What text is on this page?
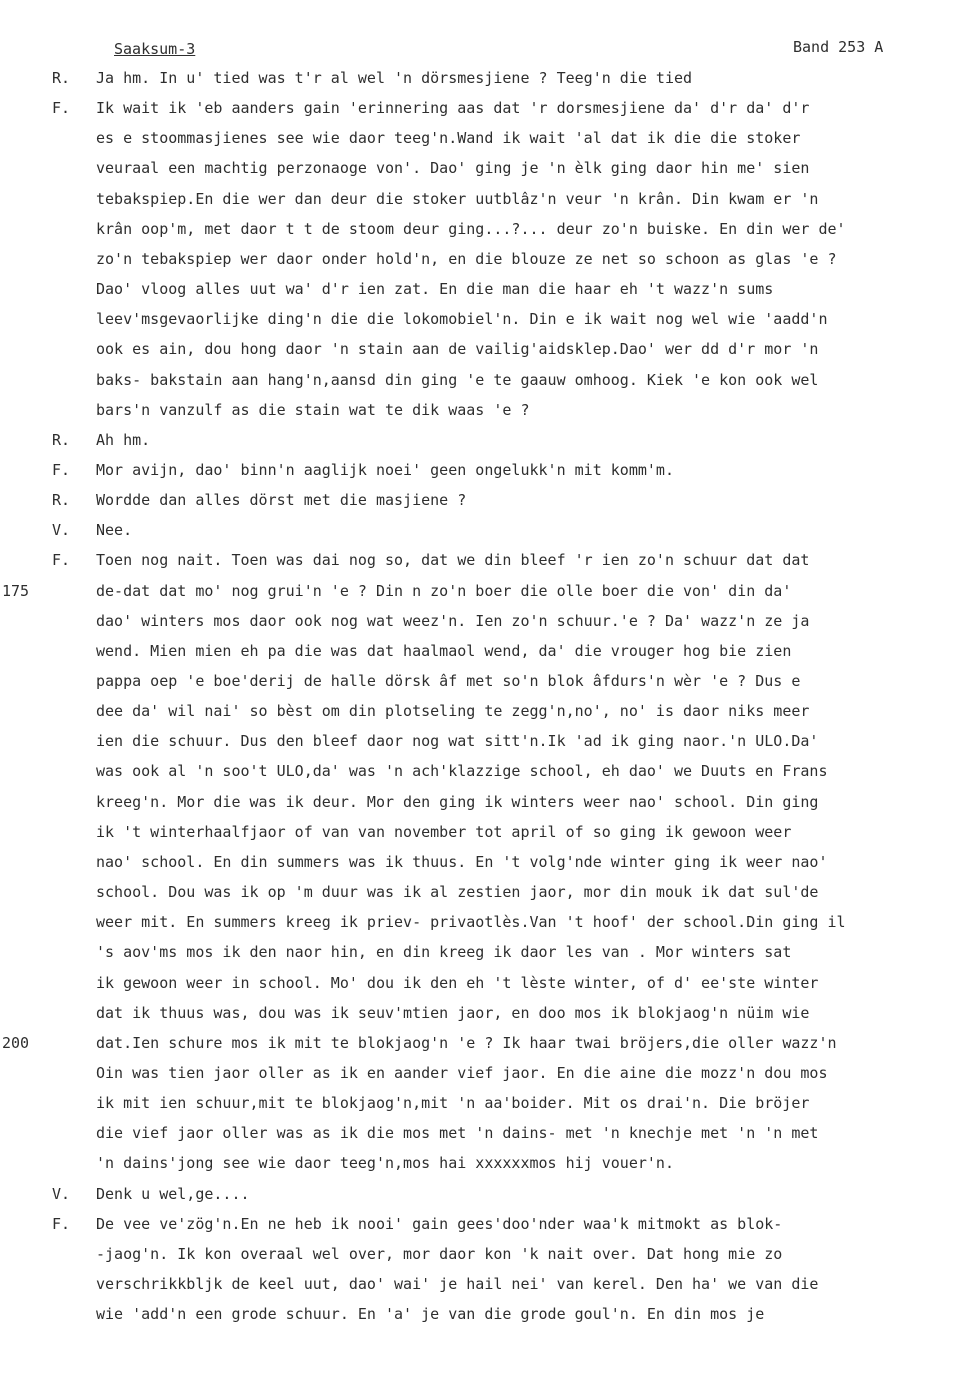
Saaksum-3	Band 253 A
R.	Ja hm. In u' tied was t'r al wel 'n dörsmesjiene ? Teeg'n die tied
F.	Ik wait ik 'eb aanders gain 'erinnering aas dat 'r dorsmesjiene da' d'r da' d'r
es e stoommasjienes see wie daor teeg'n.Wand ik wait 'al dat ik die die stoker
veuraal een machtig perzonaoge von'. Dao' ging je 'n èlk ging daor hin me' sien
tebakspiep.En die wer dan deur die stoker uutblâz'n veur 'n krân. Din kwam er 'n
krân oop'm, met daor t t de stoom deur ging...?... deur zo'n buiske. En din wer de'
zo'n tebakspiep wer daor onder hold'n, en die blouze ze net so schoon as glas 'e ?
Dao' vloog alles uut wa' d'r ien zat. En die man die haar eh 't wazz'n sums
leev'msgevaorlijke ding'n die die lokomobiel'n. Din e ik wait nog wel wie 'aadd'n
ook es ain, dou hong daor 'n stain aan de vailig'aidsklep.Dao' wer dd d'r mor 'n
baks- bakstain aan hang'n,aansd din ging 'e te gaauw omhoog. Kiek 'e kon ook wel
bars'n vanzulf as die stain wat te dik waas 'e ?
R.	Ah hm.
F.	Mor avijn, dao' binn'n aaglijk noei' geen ongelukk'n mit komm'm.
R.	Wordde dan alles dörst met die masjiene ?
V.	Nee.
F.	Toen nog nait. Toen was dai nog so, dat we din bleef 'r ien zo'n schuur dat dat
175	de-dat dat mo' nog grui'n 'e ? Din n zo'n boer die olle boer die von' din da'
dao' winters mos daor ook nog wat weez'n. Ien zo'n schuur.'e ? Da' wazz'n ze ja
wend. Mien mien eh pa die was dat haalmaol wend, da' die vrouger hog bie zien
pappa oep 'e boe'derij de halle dörsk âf met so'n blok âfdurs'n wèr 'e ? Dus e
dee da' wil nai' so bèst om din plotseling te zegg'n,no', no' is daor niks meer
ien die schuur. Dus den bleef daor nog wat sitt'n.Ik 'ad ik ging naor.'n ULO.Da'
was ook al 'n soo't ULO,da' was 'n ach'klazzige school, eh dao' we Duuts en Frans
kreeg'n. Mor die was ik deur. Mor den ging ik winters weer nao' school. Din ging
ik 't winterhaalfjaor of van van november tot april of so ging ik gewoon weer
nao' school. En din summers was ik thuus. En 't volg'nde winter ging ik weer nao'
school. Dou was ik op 'm duur was ik al zestien jaor, mor din mouk ik dat sul'de
weer mit. En summers kreeg ik priev- privaotlès.Van 't hoof' der school.Din ging il
's aov'ms mos ik den naor hin, en din kreeg ik daor les van . Mor winters sat
ik gewoon weer in school. Mo' dou ik den eh 't lèste winter, of d' ee'ste winter
dat ik thuus was, dou was ik seuv'mtien jaor, en doo mos ik blokjaog'n nüim wie
200	dat.Ien schure mos ik mit te blokjaog'n 'e ? Ik haar twai bröjers,die oller wazz'n
Oin was tien jaor oller as ik en aander vief jaor. En die aine die mozz'n dou mos
ik mit ien schuur,mit te blokjaog'n,mit 'n aa'boider. Mit os drai'n. Die bröjer
die vief jaor oller was as ik die mos met 'n dains- met 'n knechje met 'n 'n met
'n dains'jong see wie daor teeg'n,mos hai xxxxxxmos hij vouer'n.
V.	Denk u wel,ge....
F.	De vee ve'zög'n.En ne heb ik nooi' gain gees'doo'nder waa'k mitmokt as blok-
-jaog'n. Ik kon overaal wel over, mor daor kon 'k nait over. Dat hong mie zo
verschrikkbljk de keel uut, dao' wai' je hail nei' van kerel. Den ha' we van die
wie 'add'n een grode schuur. En 'a' je van die grode goul'n. En din mos je
